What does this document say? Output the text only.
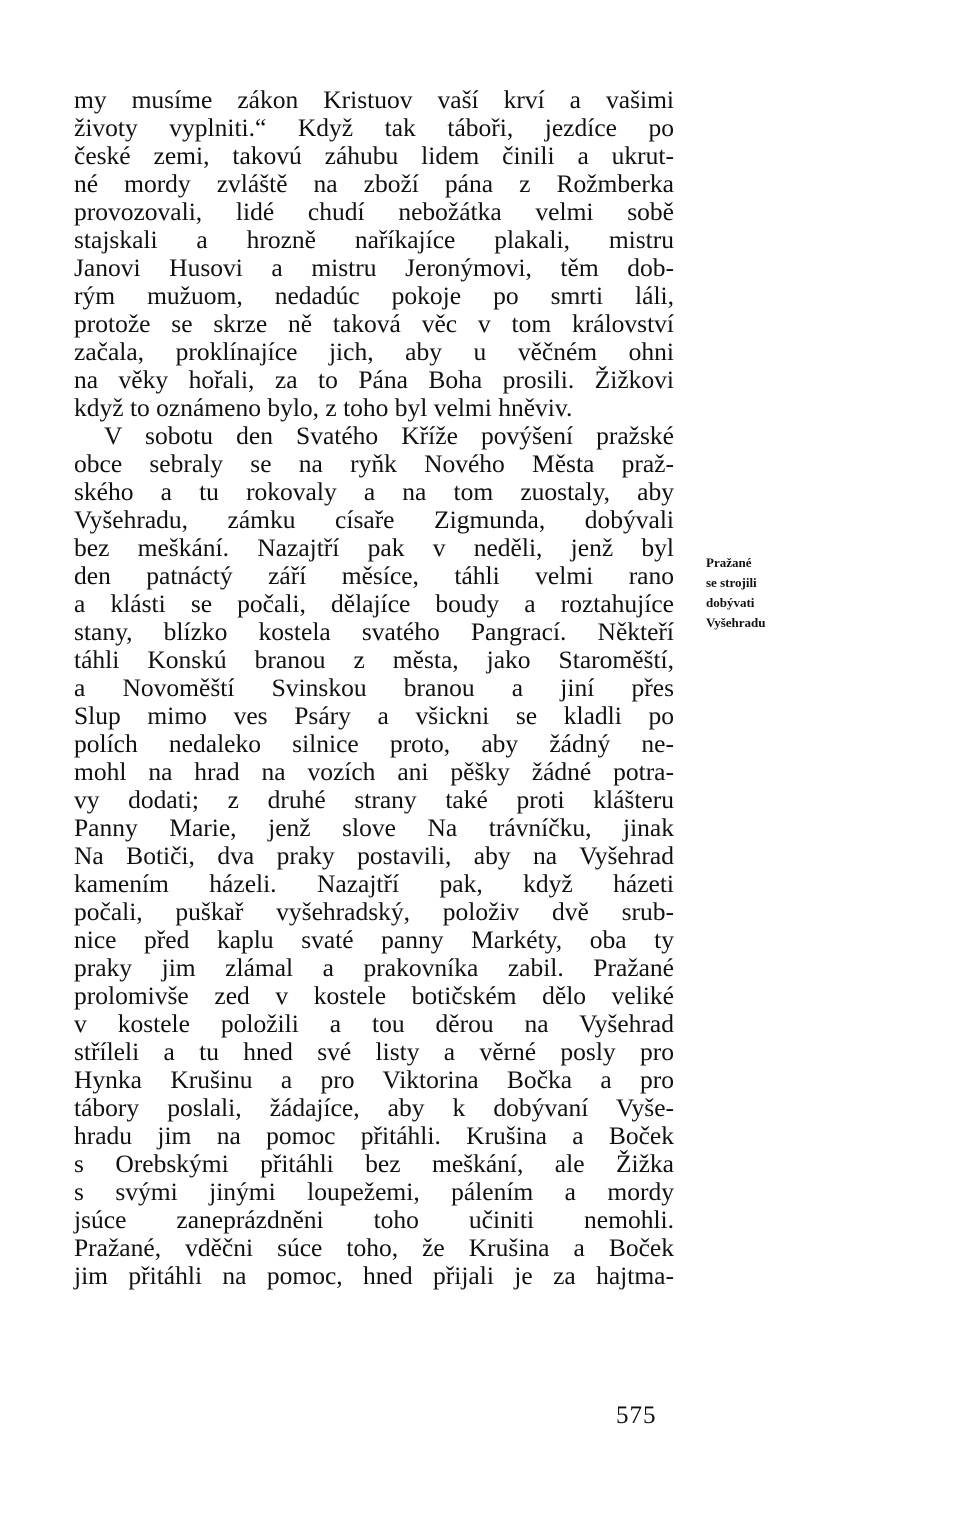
my musíme zákon Kristuov vaší krví a vašimi
životy vyplniti.“ Když tak táboři, jezdíce po
české zemi, takovú záhubu lidem činili a ukrut-
né mordy zvláště na zboží pána z Rožmberka
provozovali, lidé chudí nebožátka velmi sobě
stajskali a hrozně naříkajíce plakali, mistru
Janovi Husovi a mistru Jeronýmovi, těm dob-
rým mužuom, nedadúc pokoje po smrti láli,
protože se skrze ně taková věc v tom království
začala, proklínajíce jich, aby u věčném ohni
na věky hořali, za to Pána Boha prosili. Žižkovi
když to oznámeno bylo, z toho byl velmi hněviv.
V sobotu den Svatého Kříže povýšení pražské
obce sebraly se na ryňk Nového Města praž-
ského a tu rokovaly a na tom zuostaly, aby
Vyšehradu, zámku císaře Zigmunda, dobývali
bez meškání. Nazajtří pak v neděli, jenž byl
den patnáctý září měsíce, táhli velmi rano
a klásti se počali, dělajíce boudy a roztahujíce
stany, blízko kostela svatého Pangrací. Někteří
táhli Konskú branou z města, jako Staroměští,
a Novoměští Svinskou branou a jiní přes
Slup mimo ves Psáry a všickni se kladli po
polích nedaleko silnice proto, aby žádný ne-
mohl na hrad na vozích ani pěšky žádné potra-
vy dodati; z druhé strany také proti klášteru
Panny Marie, jenž slove Na trávníčku, jinak
Na Botiči, dva praky postavili, aby na Vyšehrad
kamením házeli. Nazajtří pak, když házeti
počali, puškař vyšehradský, položiv dvě srub-
nice před kaplu svaté panny Markéty, oba ty
praky jim zlámal a prakovníka zabil. Pražané
prolomivše zed v kostele botičském dělo veliké
v kostele položili a tou děrou na Vyšehrad
stříleli a tu hned své listy a věrné posly pro
Hynka Krušinu a pro Viktorina Bočka a pro
tábory poslali, žádajíce, aby k dobývaní Vyše-
hradu jim na pomoc přitáhli. Krušina a Boček
s Orebskými přitáhli bez meškání, ale Žižka
s svými jinými loupežemi, pálením a mordy
jsúce zaneprázdněni toho učiniti nemohli.
Pražané, vděčni súce toho, že Krušina a Boček
jim přitáhli na pomoc, hned přijali je za hajtma-
Pražané
se strojili
dobývati
Vyšehradu
575
